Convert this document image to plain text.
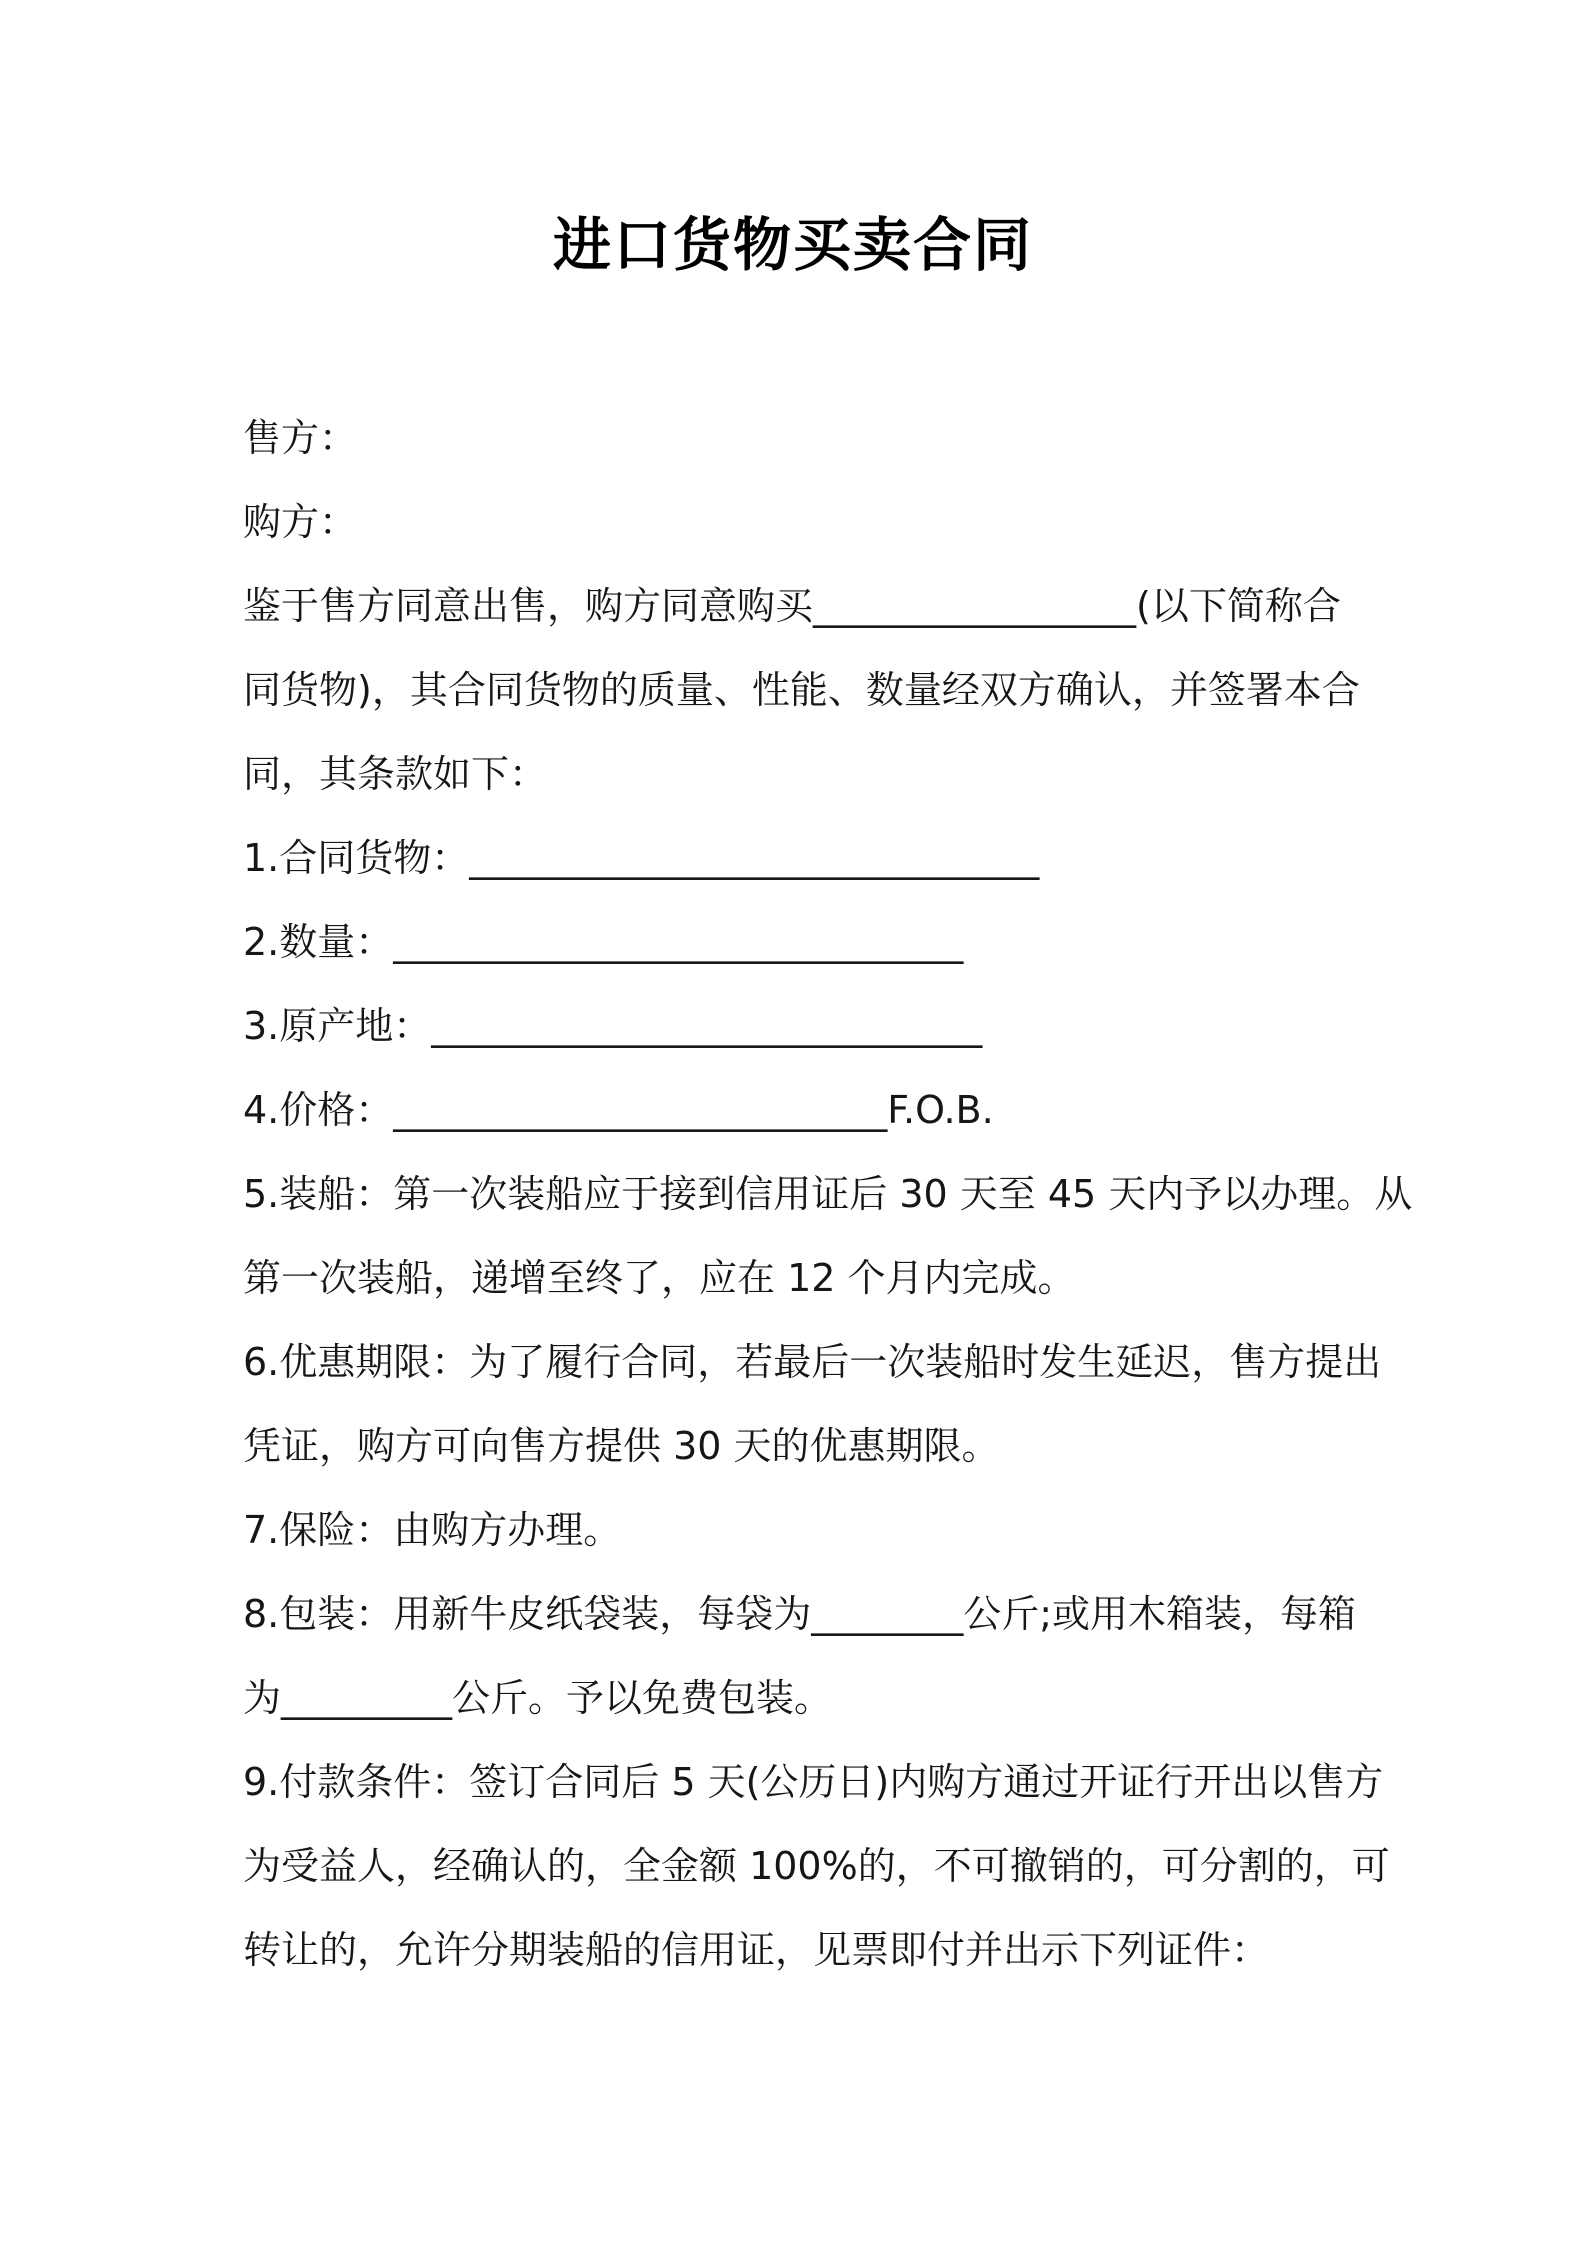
进口货物买卖合同
售方：
购方：
鉴于售方同意出售，购方同意购买_________________(以下简称合
同货物)，其合同货物的质量、性能、数量经双方确认，并签署本合
同，其条款如下：
1.合同货物：______________________________
2.数量：______________________________
3.原产地：_____________________________
4.价格：__________________________F.O.B.
5.装船：第一次装船应于接到信用证后 30 天至 45 天内予以办理。从
第一次装船，递增至终了，应在 12 个月内完成。
6.优惠期限：为了履行合同，若最后一次装船时发生延迟，售方提出
凭证，购方可向售方提供 30 天的优惠期限。
7.保险：由购方办理。
8.包装：用新牛皮纸袋装，每袋为________公斤;或用木箱装，每箱
为_________公斤。予以免费包装。
9.付款条件：签订合同后 5 天(公历日)内购方通过开证行开出以售方
为受益人，经确认的，全金额 100%的，不可撤销的，可分割的，可
转让的，允许分期装船的信用证，见票即付并出示下列证件：
